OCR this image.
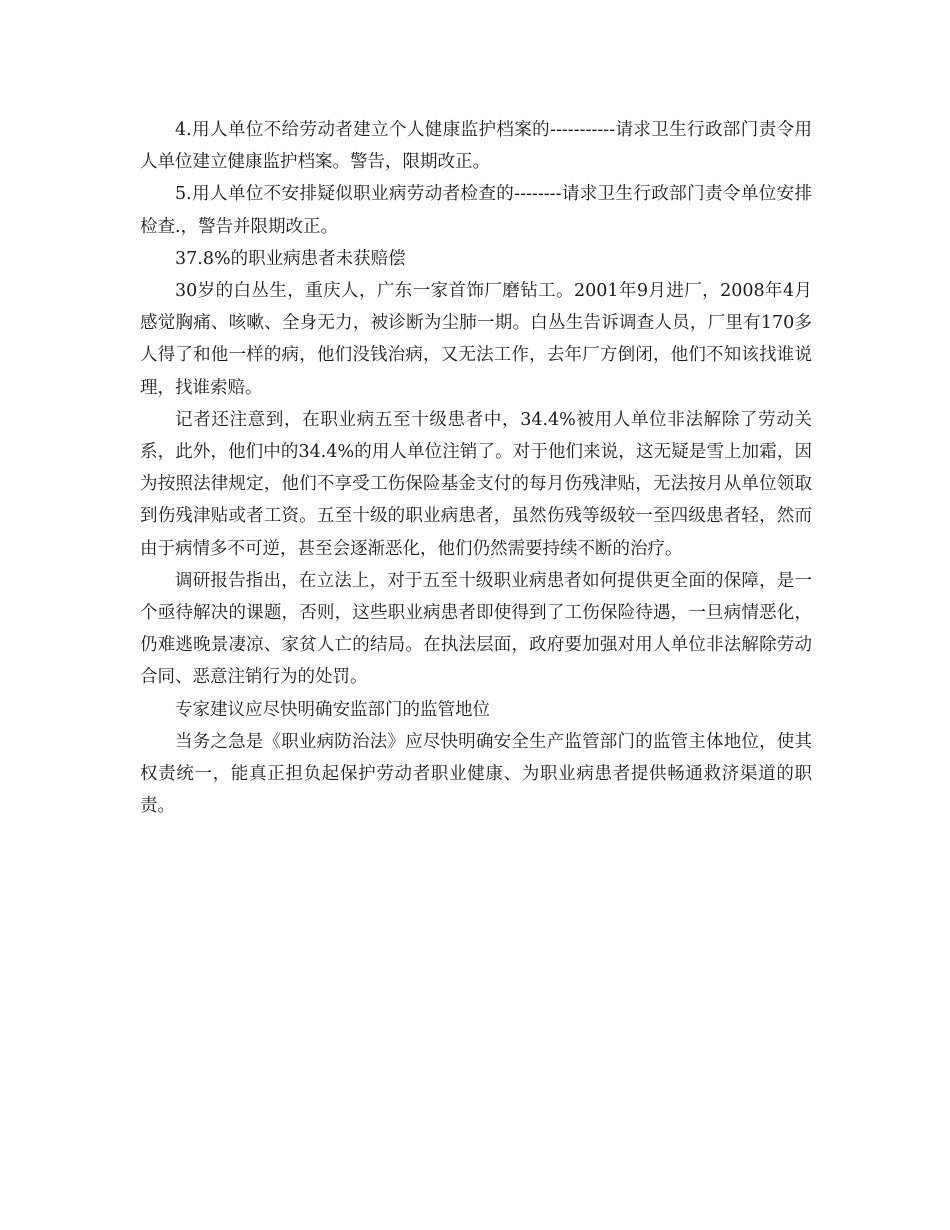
4.用人单位不给劳动者建立个人健康监护档案的-----------请求卫生行政部门责令用人单位建立健康监护档案。警告，限期改正。

5.用人单位不安排疑似职业病劳动者检查的--------请求卫生行政部门责令单位安排检查.，警告并限期改正。

37.8%的职业病患者未获赔偿

30岁的白丛生，重庆人，广东一家首饰厂磨钻工。2001年9月进厂，2008年4月感觉胸痛、咳嗽、全身无力，被诊断为尘肺一期。白丛生告诉调查人员，厂里有170多人得了和他一样的病，他们没钱治病，又无法工作，去年厂方倒闭，他们不知该找谁说理，找谁索赔。

记者还注意到，在职业病五至十级患者中，34.4%被用人单位非法解除了劳动关系，此外，他们中的34.4%的用人单位注销了。对于他们来说，这无疑是雪上加霜，因为按照法律规定，他们不享受工伤保险基金支付的每月伤残津贴，无法按月从单位领取到伤残津贴或者工资。五至十级的职业病患者，虽然伤残等级较一至四级患者轻，然而由于病情多不可逆，甚至会逐渐恶化，他们仍然需要持续不断的治疗。

调研报告指出，在立法上，对于五至十级职业病患者如何提供更全面的保障，是一个亟待解决的课题，否则，这些职业病患者即使得到了工伤保险待遇，一旦病情恶化，仍难逃晚景凄凉、家贫人亡的结局。在执法层面，政府要加强对用人单位非法解除劳动合同、恶意注销行为的处罚。

专家建议应尽快明确安监部门的监管地位

当务之急是《职业病防治法》应尽快明确安全生产监管部门的监管主体地位，使其权责统一，能真正担负起保护劳动者职业健康、为职业病患者提供畅通救济渠道的职责。
